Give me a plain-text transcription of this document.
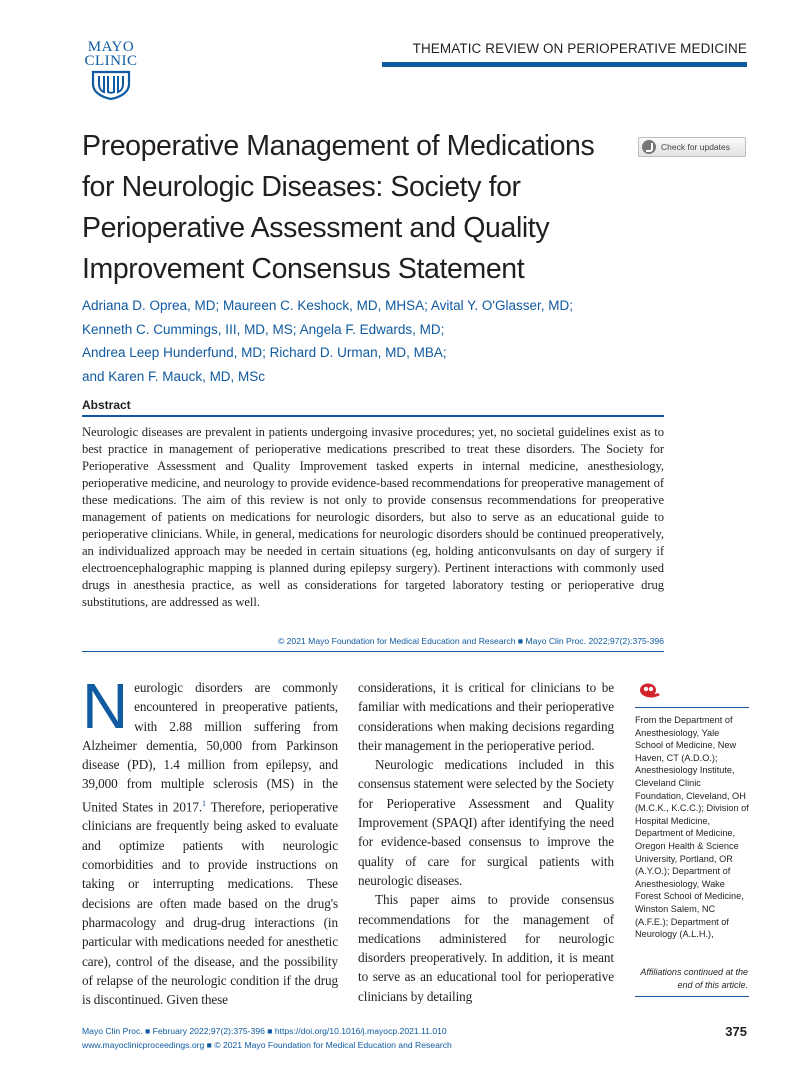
MAYO
CLINIC
THEMATIC REVIEW ON PERIOPERATIVE MEDICINE
Preoperative Management of Medications for Neurologic Diseases: Society for Perioperative Assessment and Quality Improvement Consensus Statement
Check for updates
Adriana D. Oprea, MD; Maureen C. Keshock, MD, MHSA; Avital Y. O'Glasser, MD;
Kenneth C. Cummings, III, MD, MS; Angela F. Edwards, MD;
Andrea Leep Hunderfund, MD; Richard D. Urman, MD, MBA;
and Karen F. Mauck, MD, MSc
Abstract

Neurologic diseases are prevalent in patients undergoing invasive procedures; yet, no societal guidelines exist as to best practice in management of perioperative medications prescribed to treat these disorders. The Society for Perioperative Assessment and Quality Improvement tasked experts in internal medicine, anesthesiology, perioperative medicine, and neurology to provide evidence-based recommendations for preoperative management of these medications. The aim of this review is not only to provide consensus recommendations for preoperative management of patients on medications for neurologic disorders, but also to serve as an educational guide to perioperative clinicians. While, in general, medications for neurologic disorders should be continued preoperatively, an individualized approach may be needed in certain situations (eg, holding anticonvulsants on day of surgery if electroencephalographic mapping is planned during epilepsy surgery). Pertinent interactions with commonly used drugs in anesthesia practice, as well as considerations for targeted laboratory testing or perioperative drug substitutions, are addressed as well.

© 2021 Mayo Foundation for Medical Education and Research ■ Mayo Clin Proc. 2022;97(2):375-396

Neurologic disorders are commonly encountered in preoperative patients, with 2.88 million suffering from Alzheimer dementia, 50,000 from Parkinson disease (PD), 1.4 million from epilepsy, and 39,000 from multiple sclerosis (MS) in the United States in 2017.$^1$ Therefore, perioperative clinicians are frequently being asked to evaluate and optimize patients with neurologic comorbidities and to provide instructions on taking or interrupting medications. These decisions are often made based on the drug's pharmacology and drug-drug interactions (in particular with medications needed for anesthetic care), control of the disease, and the possibility of relapse of the neurologic condition if the drug is discontinued. Given these

considerations, it is critical for clinicians to be familiar with medications and their perioperative considerations when making decisions regarding their management in the perioperative period.

Neurologic medications included in this consensus statement were selected by the Society for Perioperative Assessment and Quality Improvement (SPAQI) after identifying the need for evidence-based consensus to improve the quality of care for surgical patients with neurologic diseases.

This paper aims to provide consensus recommendations for the management of medications administered for neurologic disorders preoperatively. In addition, it is meant to serve as an educational tool for perioperative clinicians by detailing

From the Department of Anesthesiology, Yale School of Medicine, New Haven, CT (A.D.O.); Anesthesiology Institute, Cleveland Clinic Foundation, Cleveland, OH (M.C.K., K.C.C.); Division of Hospital Medicine, Department of Medicine, Oregon Health & Science University, Portland, OR (A.Y.O.); Department of Anesthesiology, Wake Forest School of Medicine, Winston Salem, NC (A.F.E.); Department of Neurology (A.L.H.),

Affiliations continued at the end of this article.

Mayo Clin Proc. ■ February 2022;97(2):375-396 ■ https://doi.org/10.1016/j.mayocp.2021.11.010
www.mayoclinicproceedings.org ■ © 2021 Mayo Foundation for Medical Education and Research
375
